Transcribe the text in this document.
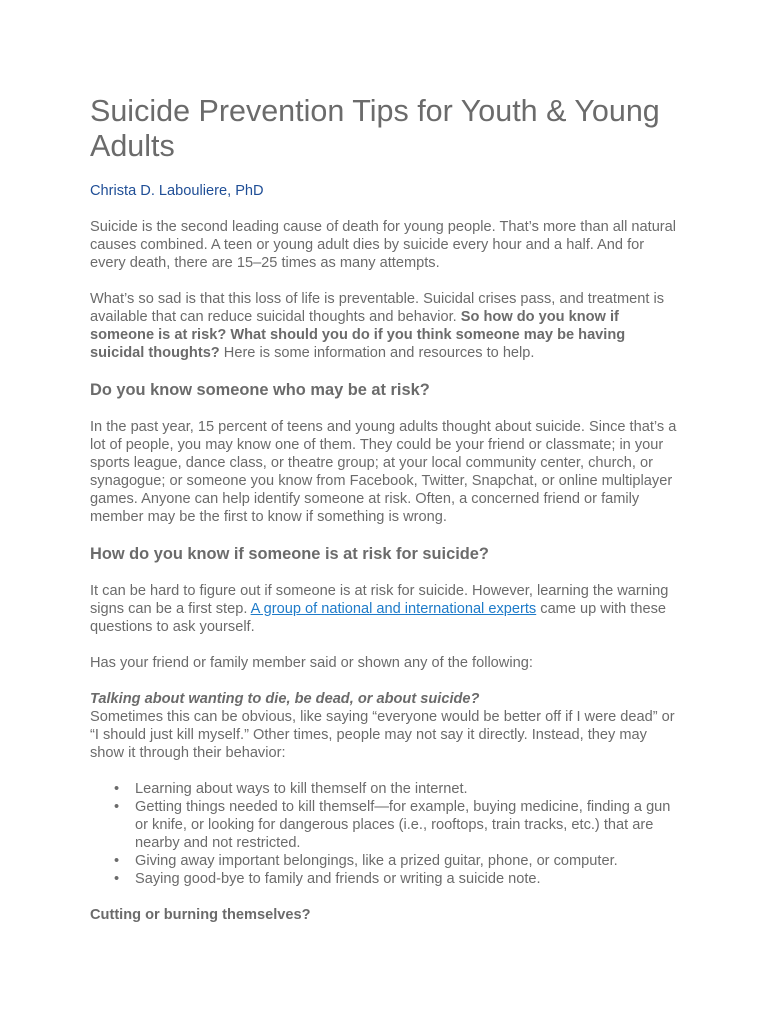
Suicide Prevention Tips for Youth & Young Adults
Christa D. Labouliere, PhD

Suicide is the second leading cause of death for young people. That’s more than all natural causes combined. A teen or young adult dies by suicide every hour and a half. And for every death, there are 15–25 times as many attempts.

What’s so sad is that this loss of life is preventable. Suicidal crises pass, and treatment is available that can reduce suicidal thoughts and behavior. So how do you know if someone is at risk? What should you do if you think someone may be having suicidal thoughts? Here is some information and resources to help.

Do you know someone who may be at risk?

In the past year, 15 percent of teens and young adults thought about suicide. Since that’s a lot of people, you may know one of them. They could be your friend or classmate; in your sports league, dance class, or theatre group; at your local community center, church, or synagogue; or someone you know from Facebook, Twitter, Snapchat, or online multiplayer games. Anyone can help identify someone at risk. Often, a concerned friend or family member may be the first to know if something is wrong.

How do you know if someone is at risk for suicide?

It can be hard to figure out if someone is at risk for suicide. However, learning the warning signs can be a first step. A group of national and international experts came up with these questions to ask yourself.

Has your friend or family member said or shown any of the following:

Talking about wanting to die, be dead, or about suicide?

Sometimes this can be obvious, like saying “everyone would be better off if I were dead” or “I should just kill myself.” Other times, people may not say it directly. Instead, they may show it through their behavior:

• Learning about ways to kill themself on the internet.
• Getting things needed to kill themself—for example, buying medicine, finding a gun or knife, or looking for dangerous places (i.e., rooftops, train tracks, etc.) that are nearby and not restricted.
• Giving away important belongings, like a prized guitar, phone, or computer.
• Saying good-bye to family and friends or writing a suicide note.
Cutting or burning themselves?
